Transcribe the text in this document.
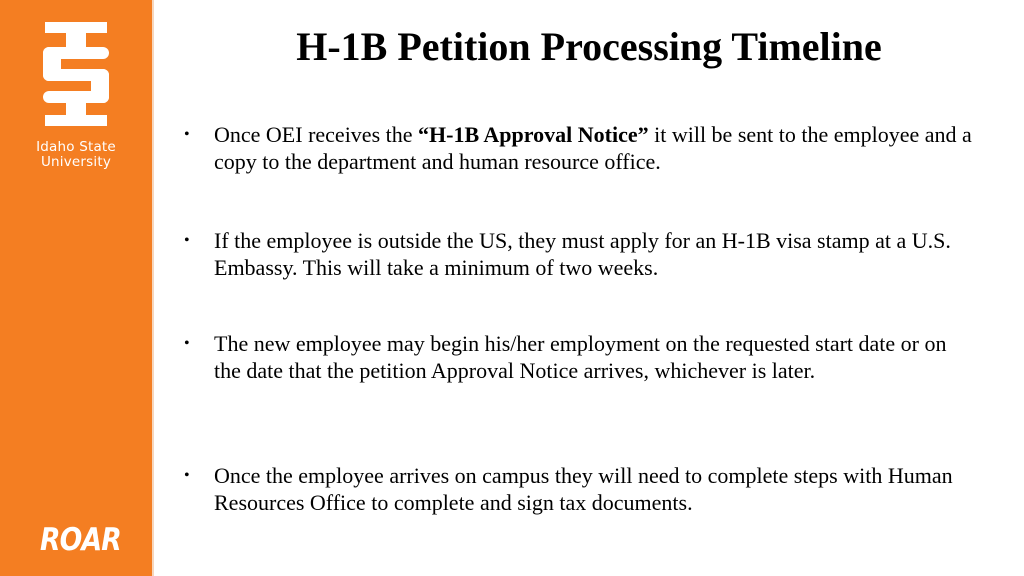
Idaho State
University
ROAR
H-1B Petition Processing Timeline
• Once OEI receives the “H-1B Approval Notice” it will be sent to the employee and a copy to the department and human resource office.
• If the employee is outside the US, they must apply for an H-1B visa stamp at a U.S. Embassy. This will take a minimum of two weeks.
• The new employee may begin his/her employment on the requested start date or on the date that the petition Approval Notice arrives, whichever is later.
• Once the employee arrives on campus they will need to complete steps with Human Resources Office to complete and sign tax documents.
